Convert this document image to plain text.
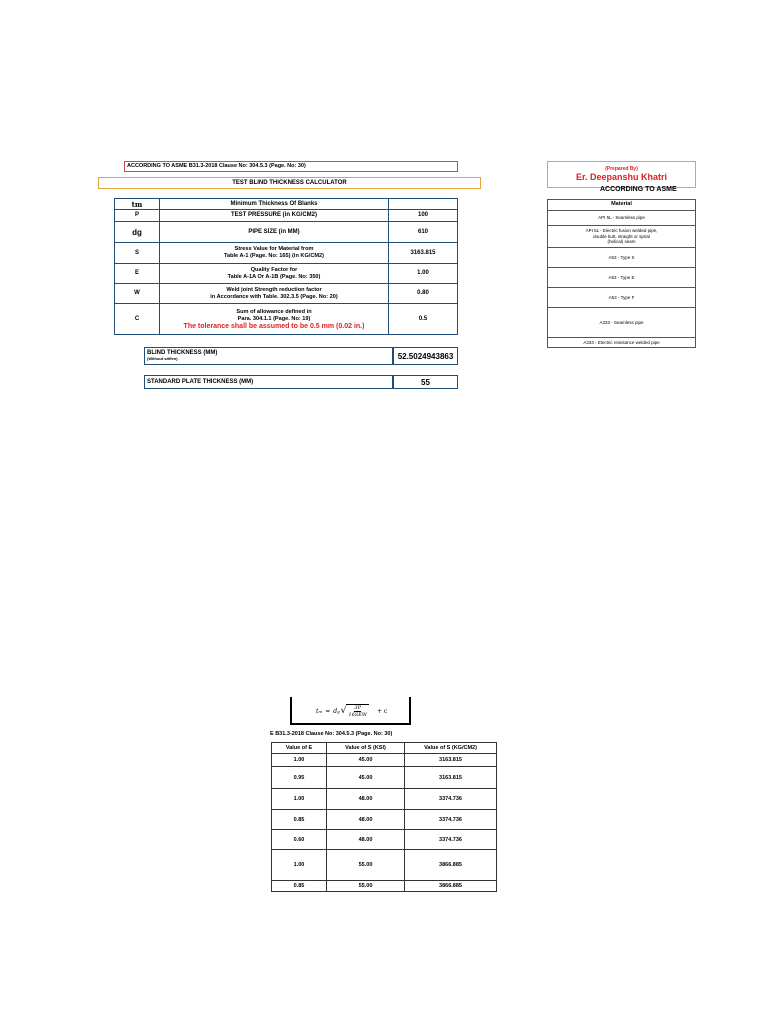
ACCORDING TO ASME B31.3-2018 Clause No: 304.5.3 (Page. No: 30)
TEST BLIND THICKNESS CALCULATOR
tm	Minimum Thickness Of Blanks	
P	TEST PRESSURE (in KG/CM2)	100
dg	PIPE SIZE (in MM)	610
S	Stress Value for Material from
Table A-1 (Page. No: 165) (in KG/CM2)	3163.815
E	Quality Factor for
Table A-1A Or A-1B (Page. No: 350)	1.00
W	Weld joint Strength reduction factor
in Accordance with Table. 302.3.5 (Page. No: 20)	0.80
C	Sum of allowance defined in
Para. 304.1.1 (Page. No: 19)
The tolerance shall be assumed to be 0.5 mm (0.02 in.)	0.5
BLIND THICKNESS (MM)
(Without stiffen)	52.5024943863
STANDARD PLATE THICKNESS (MM)	55
(Prepared By)
Er. Deepanshu Khatri
ACCORDING TO ASME
Material
API 5L - Seamless pipe

API 5L - Electric fusion welded pipe,
double butt, straight or spiral
(helical) seam

A53 - Type S
A53 - Type E
A53 - Type F
A333 - Seamless pipe
A333 - Electric resistance welded pipe
t m = d g √ 3P
16SEW
+ c
E B31.3-2018 Clause No: 304.5.3 (Page. No: 30)
Value of E	Value of S (KSI)	Value of S (KG/CM2)
1.00	45.00	3163.815
0.95	45.00	3163.815
1.00	48.00	3374.736
0.85	48.00	3374.736
0.60	48.00	3374.736
1.00	55.00	3866.885
0.85	55.00	3866.885
